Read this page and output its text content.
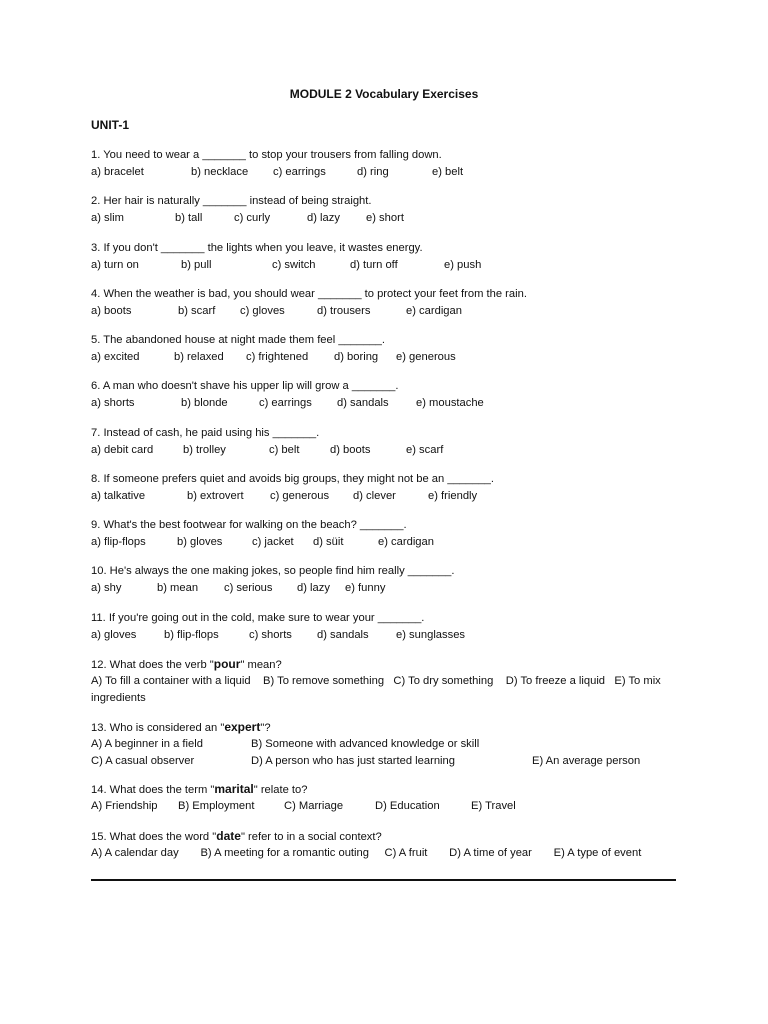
MODULE 2 Vocabulary Exercises
UNIT-1
1. You need to wear a _______ to stop your trousers from falling down.
a) bracelet	b) necklace c) earrings	d) ring	e) belt
2. Her hair is naturally _______ instead of being straight.
a) slim	b) tall	c) curly	d) lazy e) short
3. If you don't _______ the lights when you leave, it wastes energy.
a) turn on	b) pull	c) switch	d) turn off	e) push
4. When the weather is bad, you should wear _______ to protect your feet from the rain.
a) boots	b) scarf c) gloves	d) trousers	e) cardigan
5. The abandoned house at night made them feel _______.
a) excited	b) relaxed c) frightened d) boring e) generous
6. A man who doesn't shave his upper lip will grow a _______.
a) shorts	b) blonde	c) earrings d) sandals e) moustache
7. Instead of cash, he paid using his _______.
a) debit card	b) trolley	c) belt	d) boots	e) scarf
8. If someone prefers quiet and avoids big groups, they might not be an _______.
a) talkative	b) extrovert c) generous d) clever	e) friendly
9. What's the best footwear for walking on the beach? _______.
a) flip-flops	b) gloves	c) jacket d) süit	e) cardigan
10. He's always the one making jokes, so people find him really _______.
a) shy	b) mean c) serious d) lazy e) funny
11. If you're going out in the cold, make sure to wear your _______.
a) gloves b) flip-flops	c) shorts d) sandals e) sunglasses
12. What does the verb "pour" mean?
A) To fill a container with a liquid    B) To remove something   C) To dry something    D) To freeze a liquid   E) To mix ingredients
13. Who is considered an "expert"?
A) A beginner in a field	B) Someone with advanced knowledge or skill
C) A casual observer	D) A person who has just started learning	E) An average person
14. What does the term "marital" relate to?
A) Friendship B) Employment	C) Marriage	D) Education	E) Travel
15. What does the word "date" refer to in a social context?
A) A calendar day       B) A meeting for a romantic outing     C) A fruit       D) A time of year       E) A type of event
